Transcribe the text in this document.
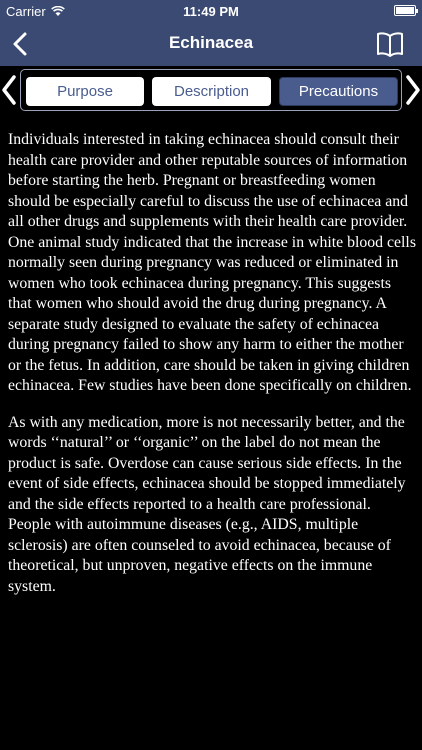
Carrier	11:49 PM
Echinacea
Purpose	Description	Precautions

Individuals interested in taking echinacea should consult their health care provider and other reputable sources of information before starting the herb. Pregnant or breastfeeding women should be especially careful to discuss the use of echinacea and all other drugs and supplements with their health care provider. One animal study indicated that the increase in white blood cells normally seen during pregnancy was reduced or eliminated in women who took echinacea during pregnancy. This suggests that women who should avoid the drug during pregnancy. A separate study designed to evaluate the safety of echinacea during pregnancy failed to show any harm to either the mother or the fetus. In addition, care should be taken in giving children echinacea. Few studies have been done specifically on children.

As with any medication, more is not necessarily better, and the words ‘‘natural’’ or ‘‘organic’’ on the label do not mean the product is safe. Overdose can cause serious side effects. In the event of side effects, echinacea should be stopped immediately and the side effects reported to a health care professional. People with autoimmune diseases (e.g., AIDS, multiple sclerosis) are often counseled to avoid echinacea, because of theoretical, but unproven, negative effects on the immune system.
